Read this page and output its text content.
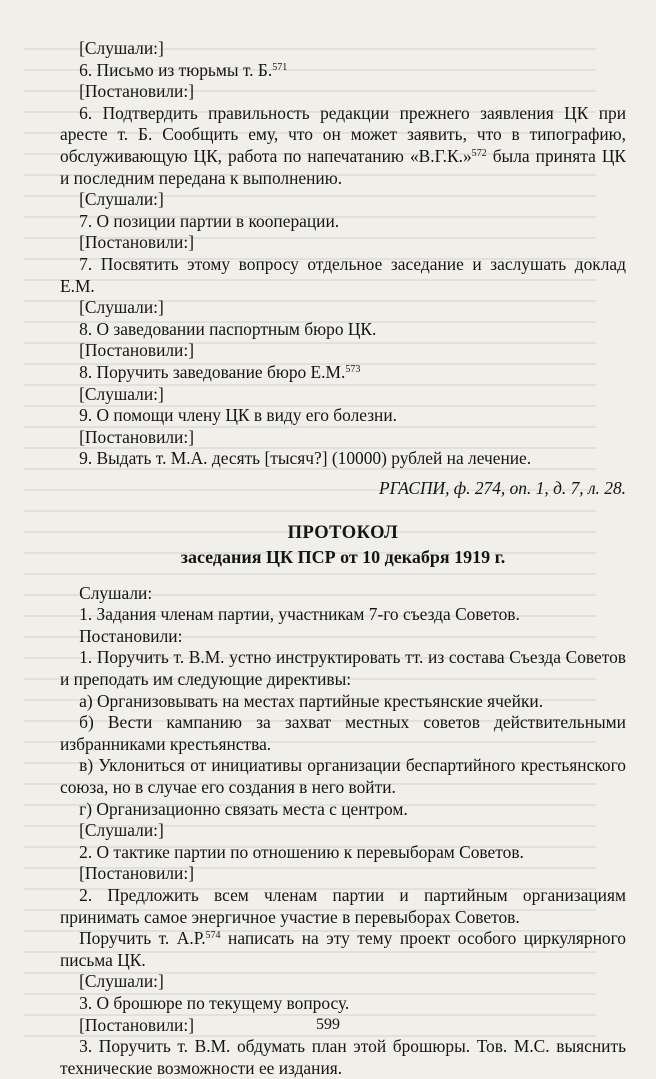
[Слушали:]

6. Письмо из тюрьмы т. Б.$^{571}$

[Постановили:]

6. Подтвердить правильность редакции прежнего заявления ЦК при аресте т. Б. Сообщить ему, что он может заявить, что в типографию, обслуживающую ЦК, работа по напечатанию «В.Г.К.»$^{572}$ была принята ЦК и последним передана к выполнению.

[Слушали:]

7. О позиции партии в кооперации.

[Постановили:]

7. Посвятить этому вопросу отдельное заседание и заслушать доклад Е.М.

[Слушали:]

8. О заведовании паспортным бюро ЦК.

[Постановили:]

8. Поручить заведование бюро Е.М.$^{573}$

[Слушали:]

9. О помощи члену ЦК в виду его болезни.

[Постановили:]

9. Выдать т. М.А. десять [тысяч?] (10000) рублей на лечение.

РГАСПИ, ф. 274, оп. 1, д. 7, л. 28.

ПРОТОКОЛ

заседания ЦК ПСР от 10 декабря 1919 г.

Слушали:

1. Задания членам партии, участникам 7-го съезда Советов.

Постановили:

1. Поручить т. В.М. устно инструктировать тт. из состава Съезда Советов и преподать им следующие директивы:

а) Организовывать на местах партийные крестьянские ячейки.

б) Вести кампанию за захват местных советов действительными избранниками крестьянства.

в) Уклониться от инициативы организации беспартийного крестьянского союза, но в случае его создания в него войти.

г) Организационно связать места с центром.

[Слушали:]

2. О тактике партии по отношению к перевыборам Советов.

[Постановили:]

2. Предложить всем членам партии и партийным организациям принимать самое энергичное участие в перевыборах Советов.

Поручить т. А.Р.$^{574}$ написать на эту тему проект особого циркулярного письма ЦК.

[Слушали:]

3. О брошюре по текущему вопросу.

[Постановили:]

3. Поручить т. В.М. обдумать план этой брошюры. Тов. М.С. выяснить технические возможности ее издания.

599
